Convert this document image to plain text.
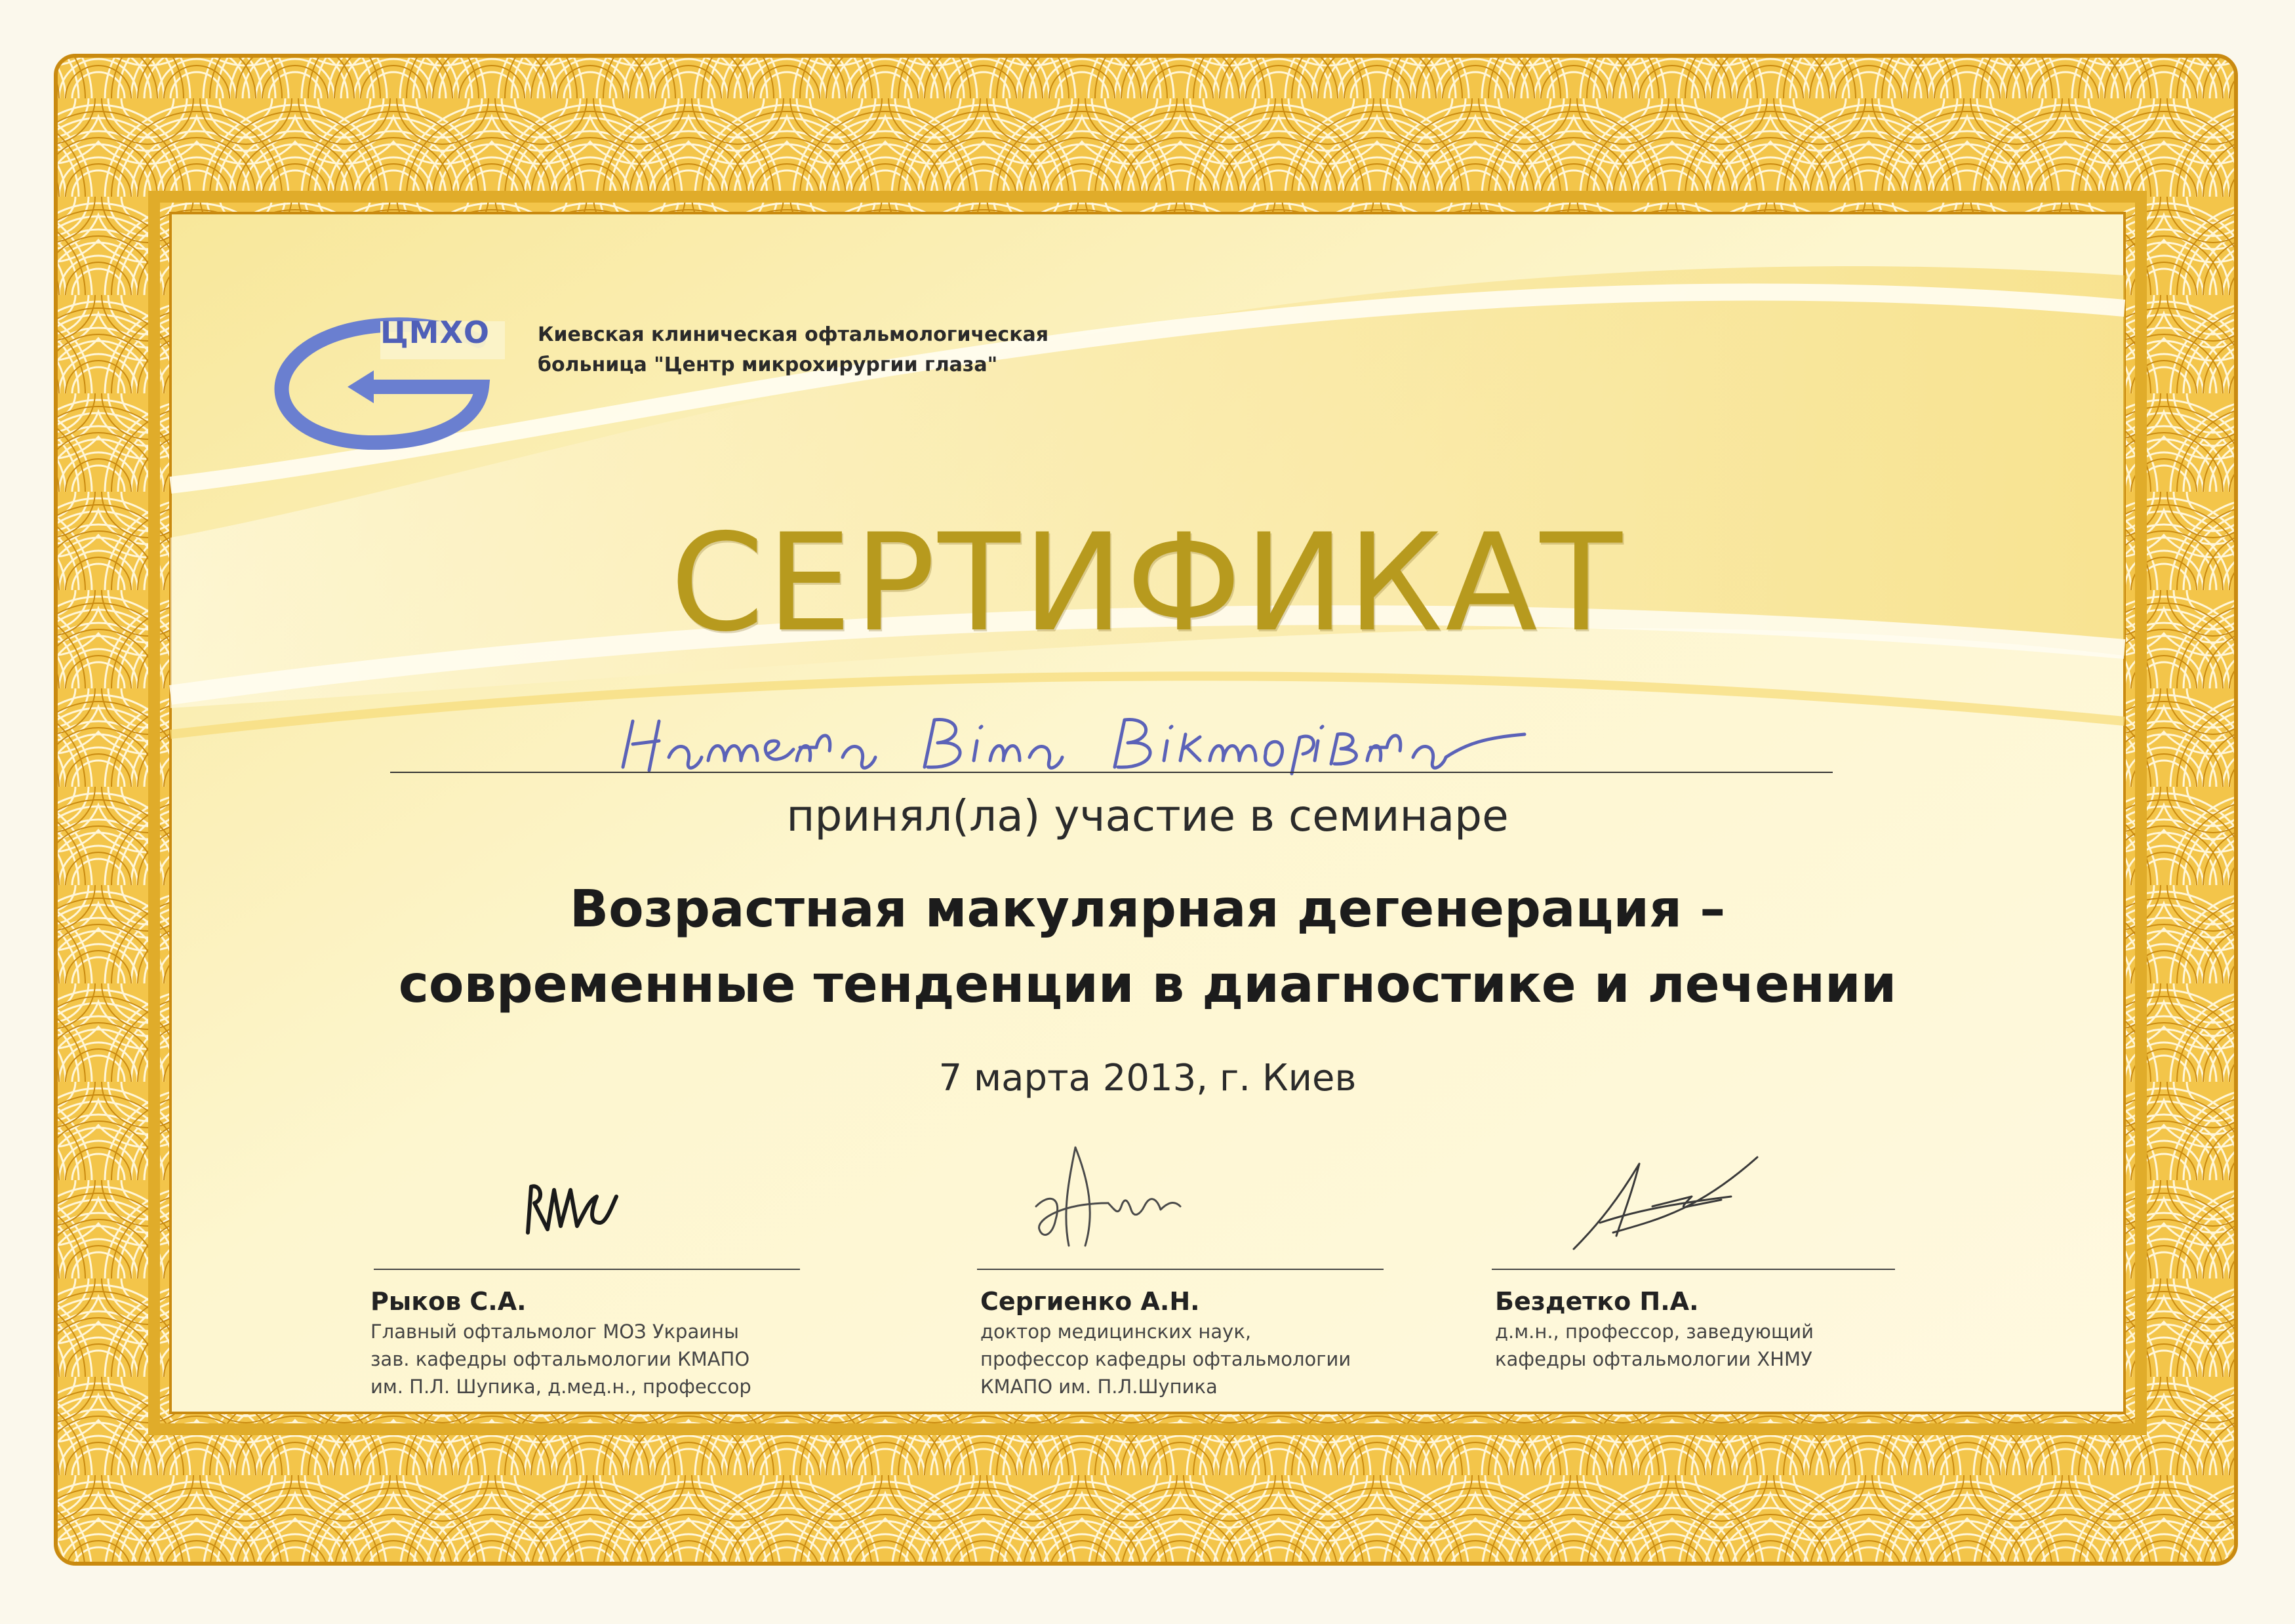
ЦМХО Киевская клиническая офтальмологическая
больница "Центр микрохирургии глаза"
СЕРТИФИКАТ
принял(ла) участие в семинаре
Возрастная макулярная дегенерация –
современные тенденции в диагностике и лечении
7 марта 2013, г. Киев
Рыков С.А.
Главный офтальмолог МОЗ Украины
зав. кафедры офтальмологии КМАПО
им. П.Л. Шупика, д.мед.н., профессор
Сергиенко А.Н.
доктор медицинских наук,
профессор кафедры офтальмологии
КМАПО им. П.Л.Шупика
Бездетко П.А.
д.м.н., профессор, заведующий
кафедры офтальмологии ХНМУ
